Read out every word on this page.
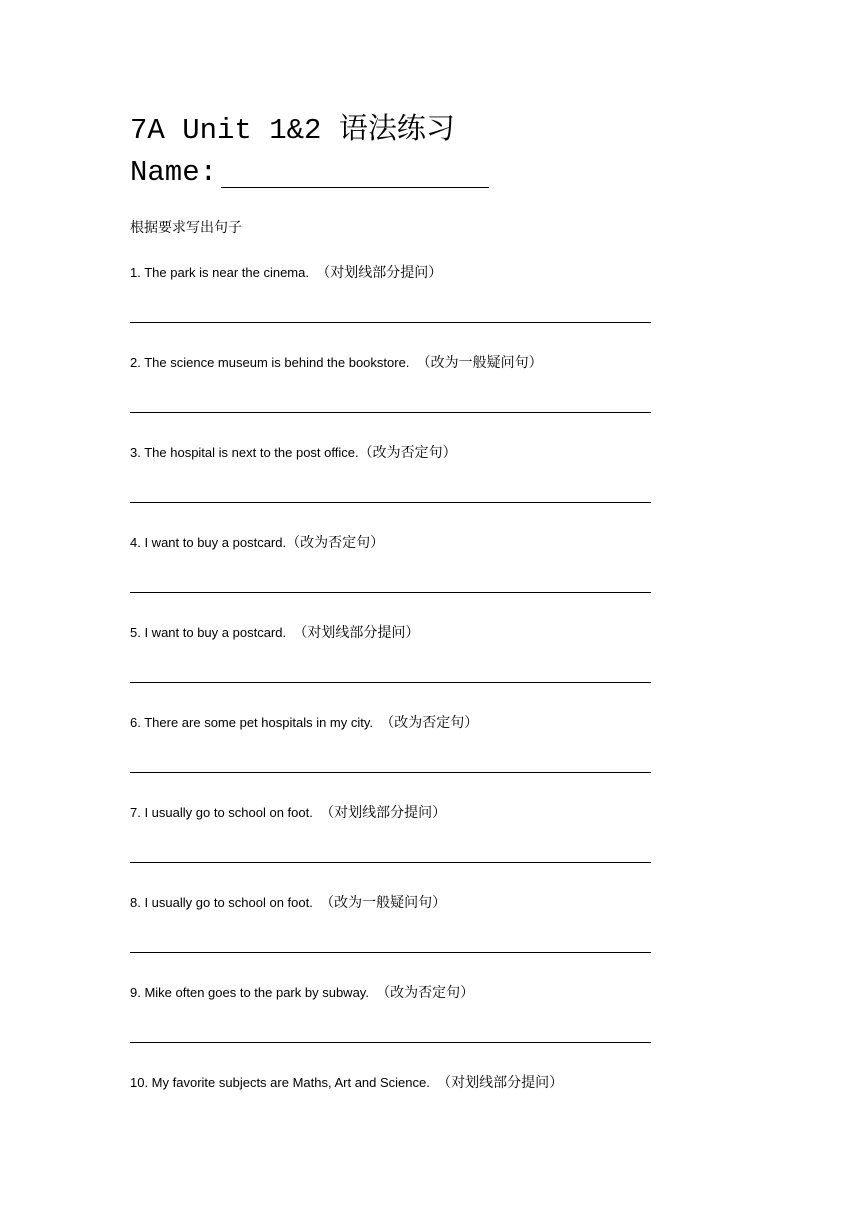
7A Unit 1&2 语法练习
Name:
根据要求写出句子
1. The park is near the cinema. （对划线部分提问）
2. The science museum is behind the bookstore. （改为一般疑问句）
3. The hospital is next to the post office.（改为否定句）
4. I want to buy a postcard.（改为否定句）
5. I want to buy a postcard. （对划线部分提问）
6. There are some pet hospitals in my city. （改为否定句）
7. I usually go to school on foot. （对划线部分提问）
8. I usually go to school on foot. （改为一般疑问句）
9. Mike often goes to the park by subway. （改为否定句）
10. My favorite subjects are Maths, Art and Science. （对划线部分提问）
